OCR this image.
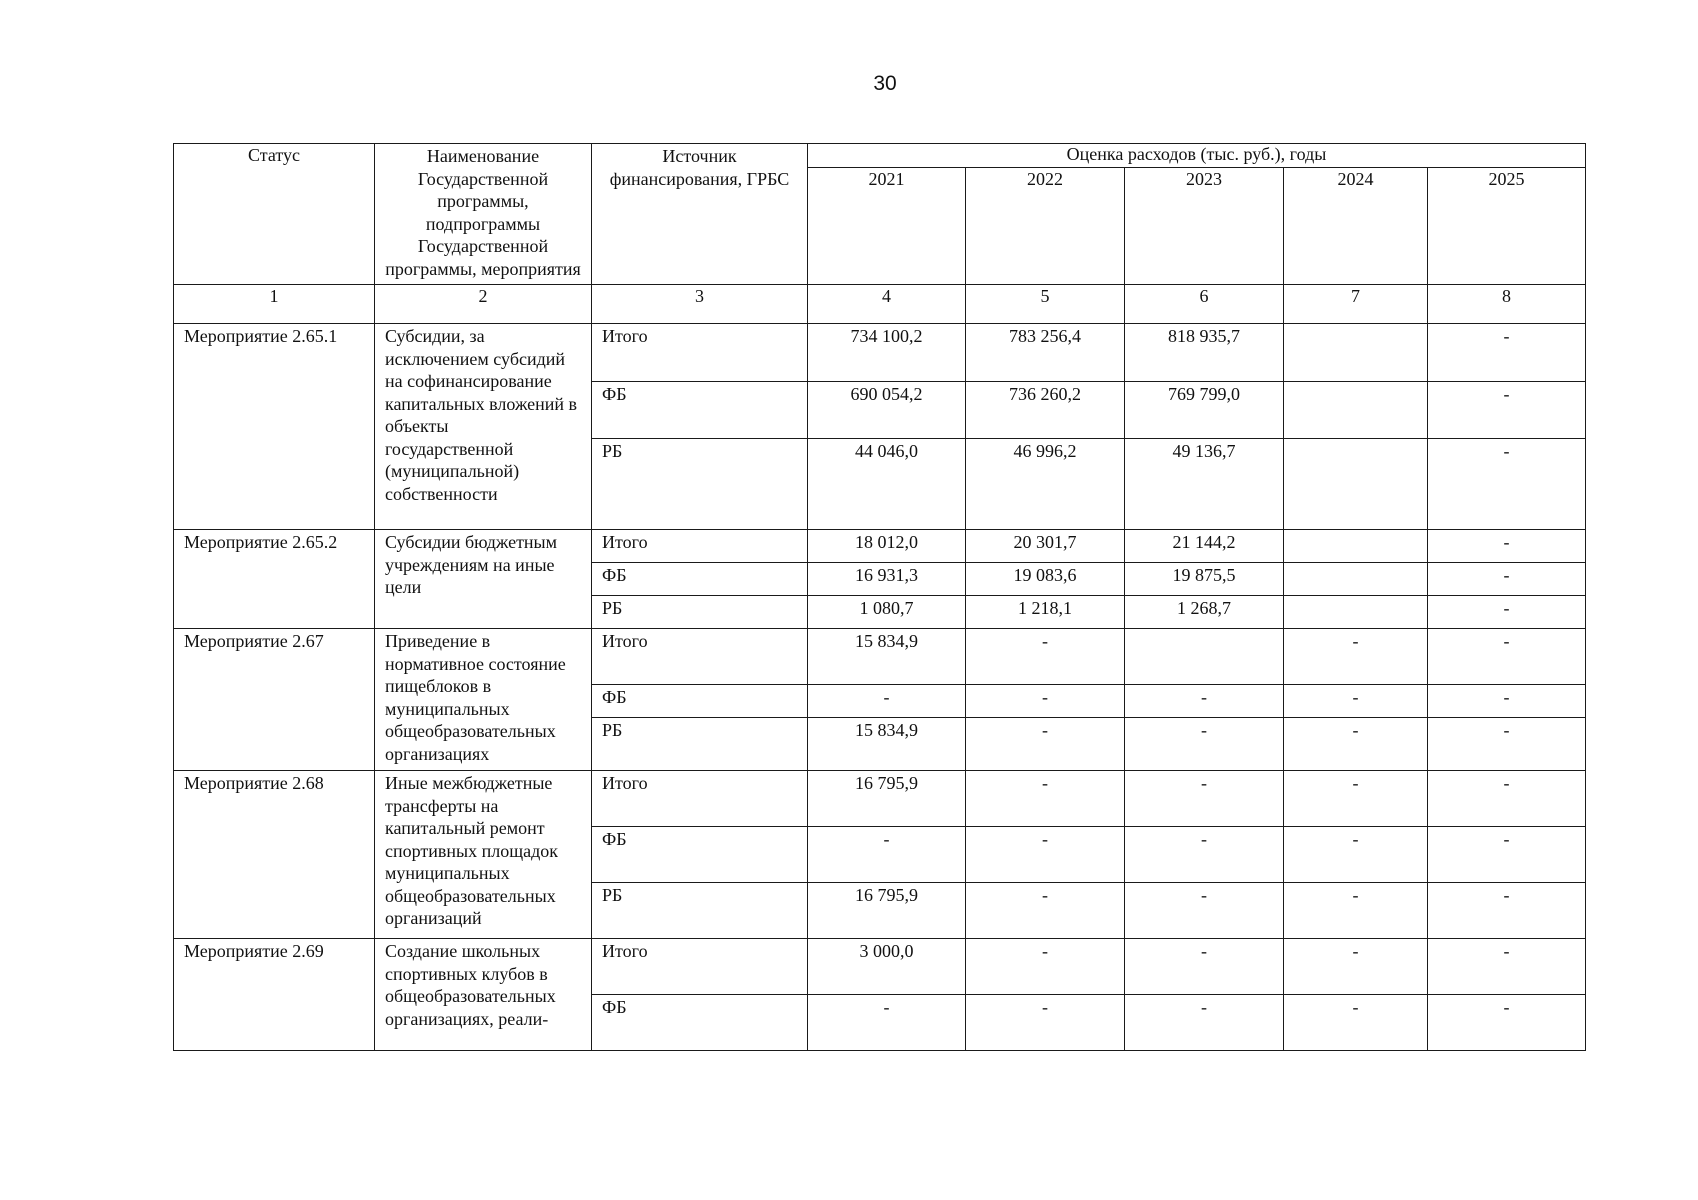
30
Статус	Наименование Государственной программы, подпрограммы Государственной программы, мероприятия	Источник финансирования, ГРБС	Оценка расходов (тыс. руб.), годы				
			2021	2022	2023	2024	2025
1	2	3	4	5	6	7	8
Мероприятие 2.65.1	Субсидии, за исключением субсидий на софинансирование капитальных вложений в объекты государственной (муниципальной) собственности	Итого	734 100,2	783 256,4	818 935,7		-
		ФБ	690 054,2	736 260,2	769 799,0		-
		РБ	44 046,0	46 996,2	49 136,7		-
Мероприятие 2.65.2	Субсидии бюджетным учреждениям на иные цели	Итого	18 012,0	20 301,7	21 144,2		-
		ФБ	16 931,3	19 083,6	19 875,5		-
		РБ	1 080,7	1 218,1	1 268,7		-
Мероприятие 2.67	Приведение в нормативное состояние пищеблоков в муниципальных общеобразовательных организациях	Итого	15 834,9	-		-	-
		ФБ	-	-	-	-	-
		РБ	15 834,9	-	-	-	-
Мероприятие 2.68	Иные межбюджетные трансферты на капитальный ремонт спортивных площадок муниципальных общеобразовательных организаций	Итого	16 795,9	-	-	-	-
		ФБ	-	-	-	-	-
		РБ	16 795,9	-	-	-	-
Мероприятие 2.69	Создание школьных спортивных клубов в общеобразовательных организациях, реали-	Итого	3 000,0	-	-	-	-
		ФБ	-	-	-	-	-
